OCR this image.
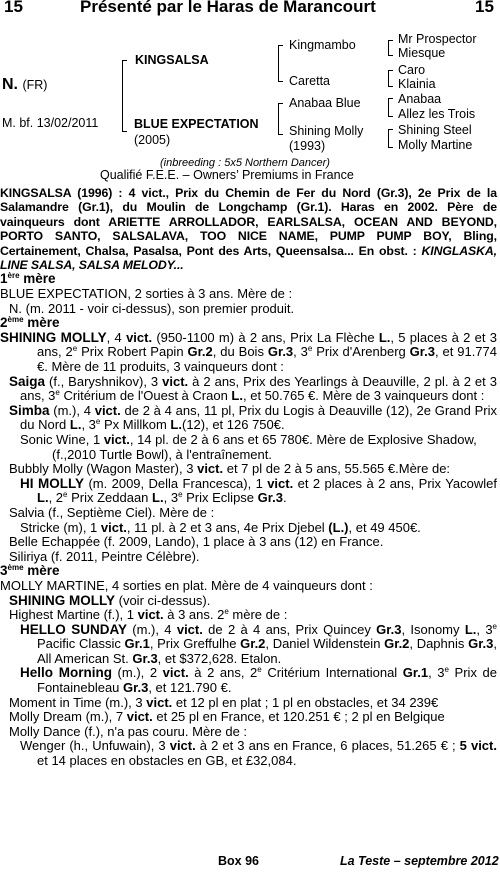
15	Présenté par le Haras de Marancourt	15
N. (FR)
M. bf. 13/02/2011
KINGSALSA
BLUE EXPECTATION
(2005)
Kingmambo
Caretta
Anabaa Blue
Shining Molly
(1993)
Mr Prospector
Miesque
Caro
Klainia
Anabaa
Allez les Trois
Shining Steel
Molly Martine
(inbreeding : 5x5 Northern Dancer)
Qualifié F.E.E. – Owners’ Premiums in France

KINGSALSA (1996) : 4 vict., Prix du Chemin de Fer du Nord (Gr.3), 2e Prix de la Salamandre (Gr.1), du Moulin de Longchamp (Gr.1). Haras en 2002. Père de vainqueurs dont ARIETTE ARROLLADOR, EARLSALSA, OCEAN AND BEYOND, PORTO SANTO, SALSALAVA, TOO NICE NAME, PUMP PUMP BOY, Bling, Certainement, Chalsa, Pasalsa, Pont des Arts, Queensalsa... En obst. : KINGLASKA, LINE SALSA, SALSA MELODY...

1ère mère

BLUE EXPECTATION, 2 sorties à 3 ans. Mère de :

N. (m. 2011 - voir ci-dessus), son premier produit.

2ème mère

SHINING MOLLY, 4 vict. (950-1100 m) à 2 ans, Prix La Flèche L., 5 places à 2 et 3 ans, 2e Prix Robert Papin Gr.2, du Bois Gr.3, 3e Prix d'Arenberg Gr.3, et 91.774 €. Mère de 11 produits, 3 vainqueurs dont :

Saiga (f., Baryshnikov), 3 vict. à 2 ans, Prix des Yearlings à Deauville, 2 pl. à 2 et 3 ans, 3e Critérium de l'Ouest à Craon L., et 50.765 €. Mère de 3 vainqueurs dont :

Simba (m.), 4 vict. de 2 à 4 ans, 11 pl, Prix du Logis à Deauville (12), 2e Grand Prix du Nord L., 3e Px Millkom L.(12), et 126 750€.

Sonic Wine, 1 vict., 14 pl. de 2 à 6 ans et 65 780€. Mère de Explosive Shadow, (f.,2010 Turtle Bowl), à l'entraînement.

Bubbly Molly (Wagon Master), 3 vict. et 7 pl de 2 à 5 ans, 55.565 €.Mère de:

HI MOLLY (m. 2009, Della Francesca), 1 vict. et 2 places à 2 ans, Prix Yacowlef L., 2e Prix Zeddaan L., 3e Prix Eclipse Gr.3.

Salvia (f., Septième Ciel). Mère de :

Stricke (m), 1 vict., 11 pl. à 2 et 3 ans, 4e Prix Djebel (L.), et 49 450€.

Belle Echappée (f. 2009, Lando), 1 place à 3 ans (12) en France.

Siliriya (f. 2011, Peintre Célèbre).

3ème mère

MOLLY MARTINE, 4 sorties en plat. Mère de 4 vainqueurs dont :

SHINING MOLLY (voir ci-dessus).

Highest Martine (f.), 1 vict. à 3 ans. 2e mère de :

HELLO SUNDAY (m.), 4 vict. de 2 à 4 ans, Prix Quincey Gr.3, Isonomy L., 3e Pacific Classic Gr.1, Prix Greffulhe Gr.2, Daniel Wildenstein Gr.2, Daphnis Gr.3, All American St. Gr.3, et $372,628. Etalon.

Hello Morning (m.), 2 vict. à 2 ans, 2e Critérium International Gr.1, 3e Prix de Fontainebleau Gr.3, et 121.790 €.

Moment in Time (m.), 3 vict. et 12 pl en plat ; 1 pl en obstacles, et 34 239€

Molly Dream (m.), 7 vict. et 25 pl en France, et 120.251 € ; 2 pl en Belgique

Molly Dance (f.), n'a pas couru. Mère de :

Wenger (h., Unfuwain), 3 vict. à 2 et 3 ans en France, 6 places, 51.265 € ; 5 vict. et 14 places en obstacles en GB, et £32,084.

Box 96	La Teste – septembre 2012
